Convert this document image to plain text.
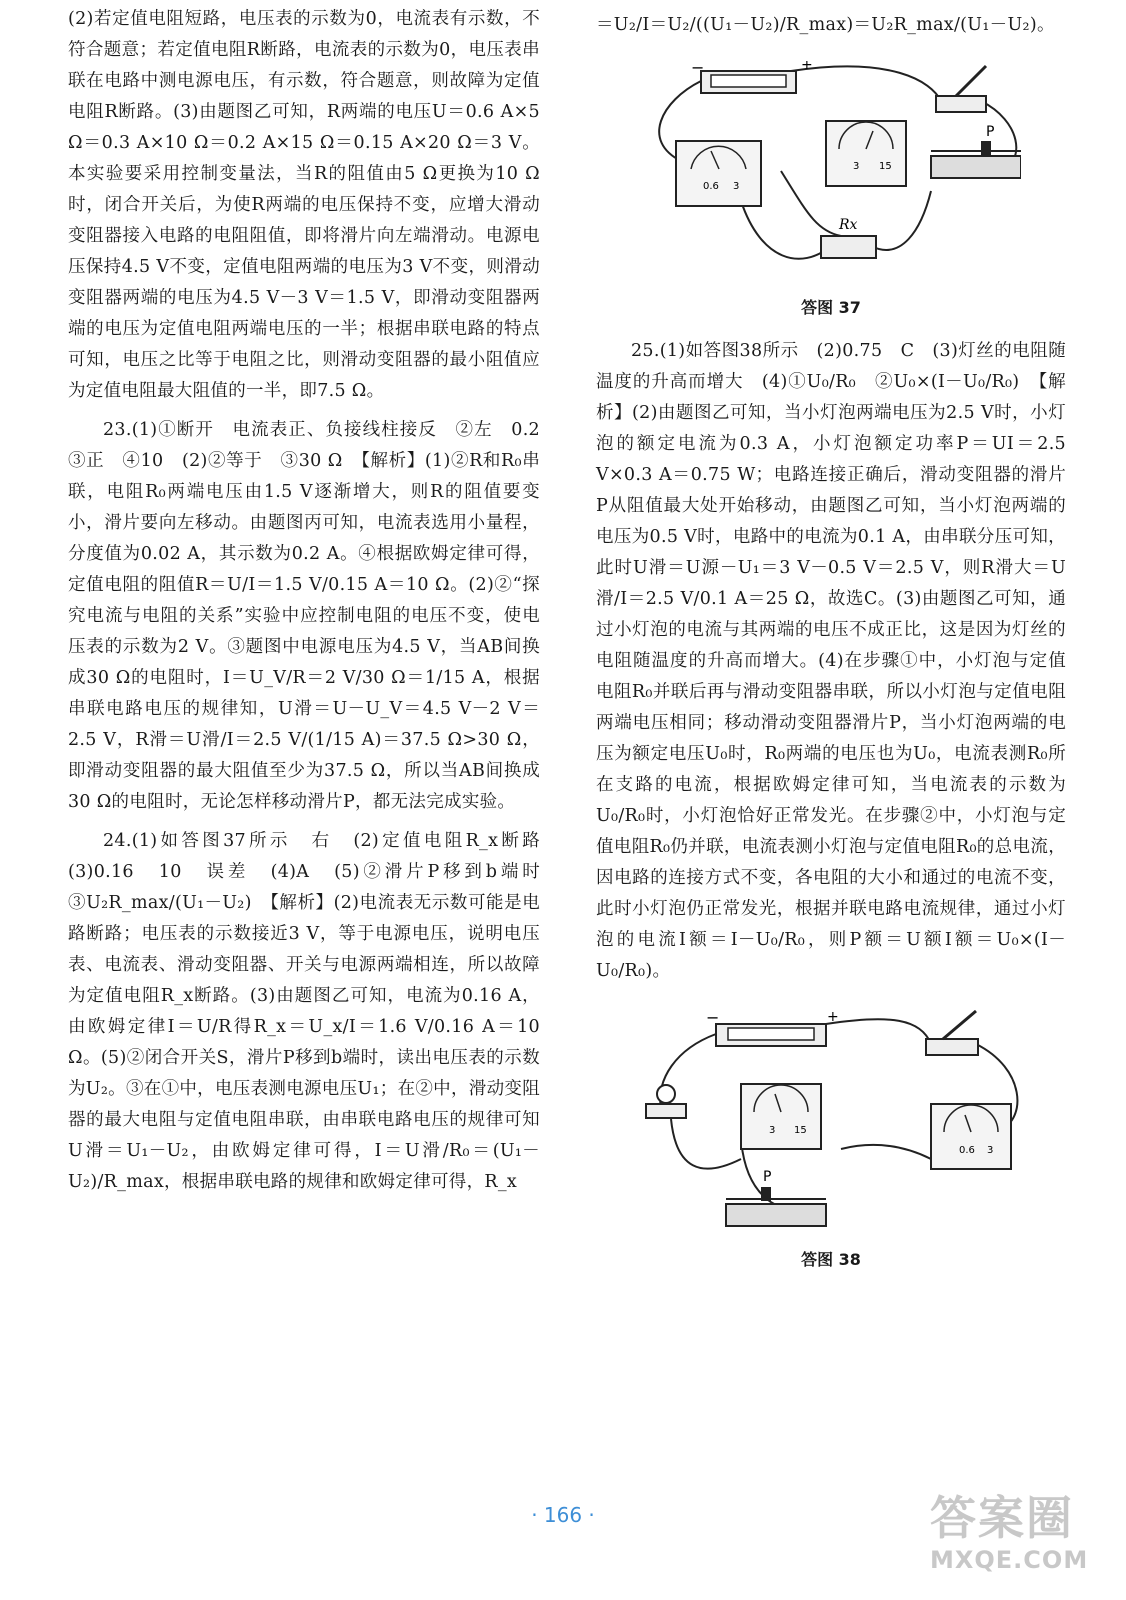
(2)若定值电阻短路，电压表的示数为0，电流表有示数，不符合题意；若定值电阻R断路，电流表的示数为0，电压表串联在电路中测电源电压，有示数，符合题意，则故障为定值电阻R断路。(3)由题图乙可知，R两端的电压U＝0.6 A×5 Ω＝0.3 A×10 Ω＝0.2 A×15 Ω＝0.15 A×20 Ω＝3 V。本实验要采用控制变量法，当R的阻值由5 Ω更换为10 Ω时，闭合开关后，为使R两端的电压保持不变，应增大滑动变阻器接入电路的电阻阻值，即将滑片向左端滑动。电源电压保持4.5 V不变，定值电阻两端的电压为3 V不变，则滑动变阻器两端的电压为4.5 V－3 V＝1.5 V，即滑动变阻器两端的电压为定值电阻两端电压的一半；根据串联电路的特点可知，电压之比等于电阻之比，则滑动变阻器的最小阻值应为定值电阻最大阻值的一半，即7.5 Ω。

23.(1)①断开　电流表正、负接线柱接反　②左　0.2　③正　④10　(2)②等于　③30 Ω　【解析】(1)②R和R₀串联，电阻R₀两端电压由1.5 V逐渐增大，则R的阻值要变小，滑片要向左移动。由题图丙可知，电流表选用小量程，分度值为0.02 A，其示数为0.2 A。④根据欧姆定律可得，定值电阻的阻值R＝U/I＝1.5 V/0.15 A＝10 Ω。(2)②“探究电流与电阻的关系”实验中应控制电阻的电压不变，使电压表的示数为2 V。③题图中电源电压为4.5 V，当AB间换成30 Ω的电阻时，I＝U_V/R＝2 V/30 Ω＝1/15 A，根据串联电路电压的规律知，U滑＝U－U_V＝4.5 V－2 V＝2.5 V，R滑＝U滑/I＝2.5 V/(1/15 A)＝37.5 Ω>30 Ω，即滑动变阻器的最大阻值至少为37.5 Ω，所以当AB间换成30 Ω的电阻时，无论怎样移动滑片P，都无法完成实验。

24.(1)如答图37所示　右　(2)定值电阻R_x断路　(3)0.16　10　误差　(4)A　(5)②滑片P移到b端时　③U₂R_max/(U₁－U₂)　【解析】(2)电流表无示数可能是电路断路；电压表的示数接近3 V，等于电源电压，说明电压表、电流表、滑动变阻器、开关与电源两端相连，所以故障为定值电阻R_x断路。(3)由题图乙可知，电流为0.16 A，由欧姆定律I＝U/R得R_x＝U_x/I＝1.6 V/0.16 A＝10 Ω。(5)②闭合开关S，滑片P移到b端时，读出电压表的示数为U₂。③在①中，电压表测电源电压U₁；在②中，滑动变阻器的最大电阻与定值电阻串联，由串联电路电压的规律可知U滑＝U₁－U₂，由欧姆定律可得，I＝U滑/R₀＝(U₁－U₂)/R_max，根据串联电路的规律和欧姆定律可得，R_x

＝U₂/I＝U₂/((U₁－U₂)/R_max)＝U₂R_max/(U₁－U₂)。

−	+
0.6 3
3 15
P
Rx
答图 37

25.(1)如答图38所示　(2)0.75　C　(3)灯丝的电阻随温度的升高而增大　(4)①U₀/R₀　②U₀×(I－U₀/R₀)　【解析】(2)由题图乙可知，当小灯泡两端电压为2.5 V时，小灯泡的额定电流为0.3 A，小灯泡额定功率P＝UI＝2.5 V×0.3 A＝0.75 W；电路连接正确后，滑动变阻器的滑片P从阻值最大处开始移动，由题图乙可知，当小灯泡两端的电压为0.5 V时，电路中的电流为0.1 A，由串联分压可知，此时U滑＝U源－U₁＝3 V－0.5 V＝2.5 V，则R滑大＝U滑/I＝2.5 V/0.1 A＝25 Ω，故选C。(3)由题图乙可知，通过小灯泡的电流与其两端的电压不成正比，这是因为灯丝的电阻随温度的升高而增大。(4)在步骤①中，小灯泡与定值电阻R₀并联后再与滑动变阻器串联，所以小灯泡与定值电阻两端电压相同；移动滑动变阻器滑片P，当小灯泡两端的电压为额定电压U₀时，R₀两端的电压也为U₀，电流表测R₀所在支路的电流，根据欧姆定律可知，当电流表的示数为U₀/R₀时，小灯泡恰好正常发光。在步骤②中，小灯泡与定值电阻R₀仍并联，电流表测小灯泡与定值电阻R₀的总电流，因电路的连接方式不变，各电阻的大小和通过的电流不变，此时小灯泡仍正常发光，根据并联电路电流规律，通过小灯泡的电流I额＝I－U₀/R₀，则P额＝U额I额＝U₀×(I－U₀/R₀)。

−	+
3 15
0.6 3
P
答图 38
· 166 ·	答案圈
MXQE.COM
